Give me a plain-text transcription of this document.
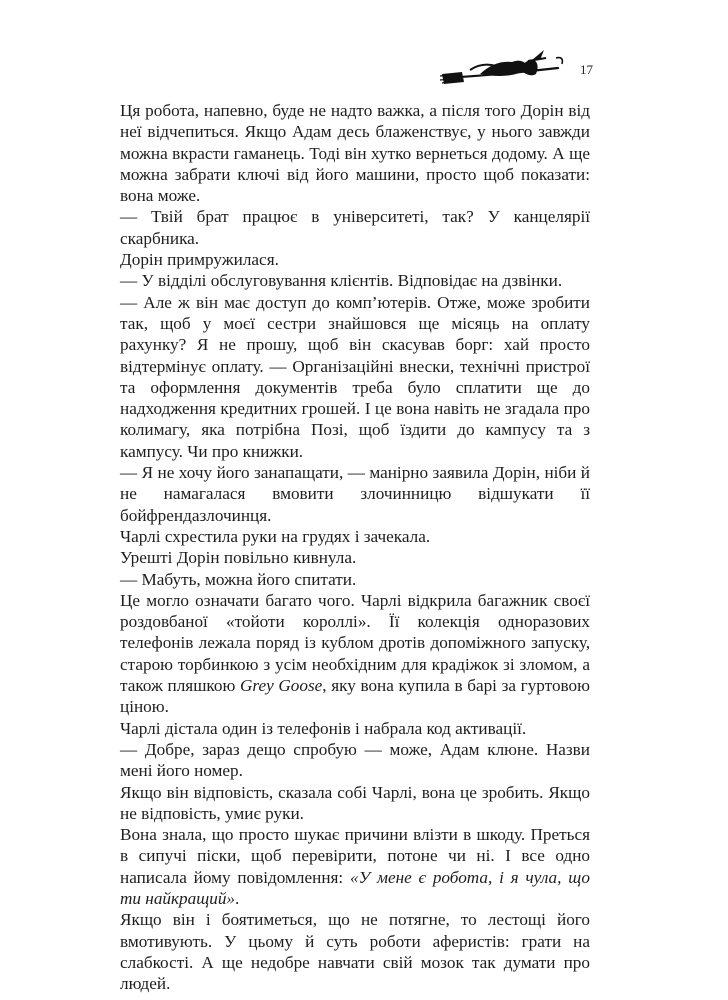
17

Ця робота, напевно, буде не надто важка, а після того Дорін від неї відчепиться. Якщо Адам десь блаженствує, у нього завжди можна вкрасти гаманець. Тоді він хутко вернеться додому. А ще можна забрати ключі від його машини, просто щоб показати: вона може.

— Твій брат працює в університеті, так? У канцелярії скарбника.

Дорін примружилася.

— У відділі обслуговування клієнтів. Відповідає на дзвінки.

— Але ж він має доступ до комп’ютерів. Отже, може зробити так, щоб у моєї сестри знайшовся ще місяць на оплату рахунку? Я не прошу, щоб він скасував борг: хай просто відтермінує оплату. — Організаційні внески, технічні пристрої та оформлення документів треба було сплатити ще до надходження кредитних грошей. І це вона навіть не згадала про колимагу, яка потрібна Позі, щоб їздити до кампусу та з кампусу. Чи про книжки.

— Я не хочу його занапащати, — манірно заявила Дорін, ніби й не намагалася вмовити злочинницю відшукати її бойфрендазлочинця.

Чарлі схрестила руки на грудях і зачекала.

Урешті Дорін повільно кивнула.

— Мабуть, можна його спитати.

Це могло означати багато чого. Чарлі відкрила багажник своєї роздовбаної «тойоти короллі». Її колекція одноразових телефонів лежала поряд із кублом дротів допоміжного запуску, старою торбинкою з усім необхідним для крадіжок зі зломом, а також пляшкою Grey Goose, яку вона купила в барі за гуртовою ціною.

Чарлі дістала один із телефонів і набрала код активації.

— Добре, зараз дещо спробую — може, Адам клюне. Назви мені його номер.

Якщо він відповість, сказала собі Чарлі, вона це зробить. Якщо не відповість, умиє руки.

Вона знала, що просто шукає причини влізти в шкоду. Преться в сипучі піски, щоб перевірити, потоне чи ні. І все одно написала йому повідомлення: «У мене є робота, і я чула, що ти найкращий».

Якщо він і боятиметься, що не потягне, то лестощі його вмотивують. У цьому й суть роботи аферистів: грати на слабкості. А ще недобре навчати свій мозок так думати про людей.
